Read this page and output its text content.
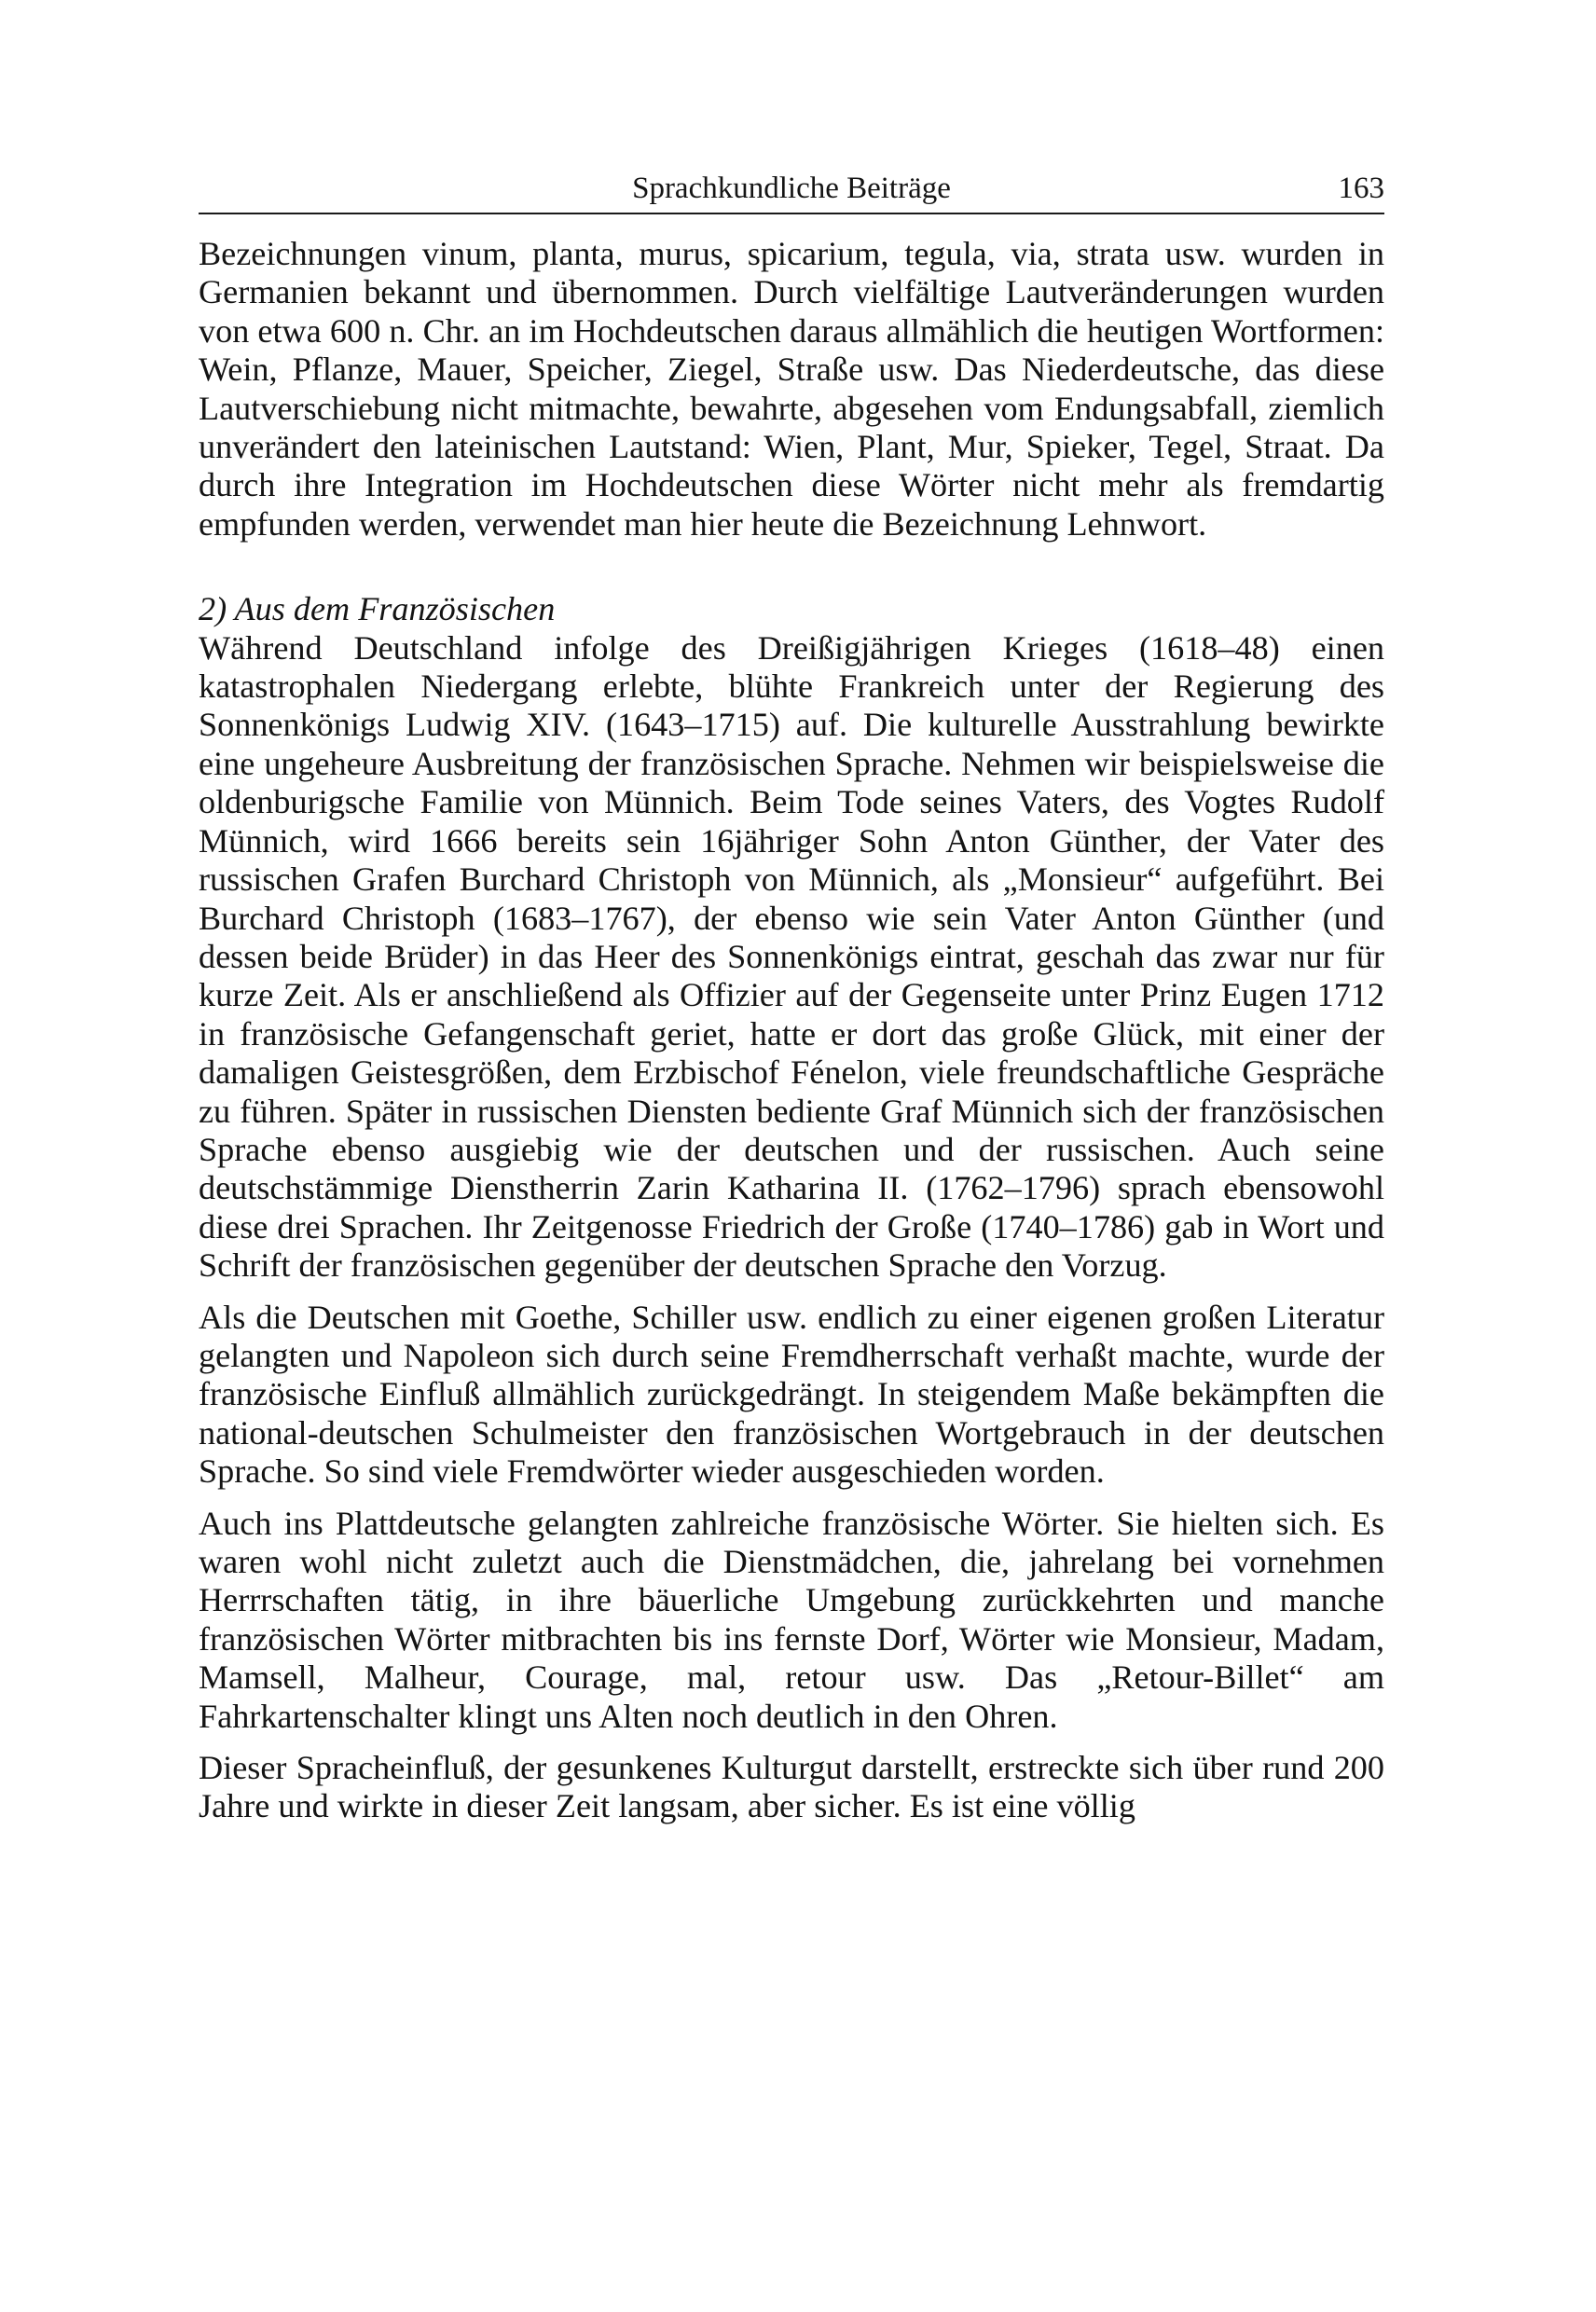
Sprachkundliche Beiträge	163

Bezeichnungen vinum, planta, murus, spicarium, tegula, via, strata usw. wurden in Germanien bekannt und übernommen. Durch vielfältige Lautveränderungen wurden von etwa 600 n. Chr. an im Hochdeutschen daraus allmählich die heutigen Wortformen: Wein, Pflanze, Mauer, Speicher, Ziegel, Straße usw. Das Niederdeutsche, das diese Lautverschiebung nicht mitmachte, bewahrte, abgesehen vom Endungsabfall, ziemlich unverändert den lateinischen Lautstand: Wien, Plant, Mur, Spieker, Tegel, Straat. Da durch ihre Integration im Hochdeutschen diese Wörter nicht mehr als fremdartig empfunden werden, verwendet man hier heute die Bezeichnung Lehnwort.

2) Aus dem Französischen

Während Deutschland infolge des Dreißigjährigen Krieges (1618–48) einen katastrophalen Niedergang erlebte, blühte Frankreich unter der Regierung des Sonnenkönigs Ludwig XIV. (1643–1715) auf. Die kulturelle Ausstrahlung bewirkte eine ungeheure Ausbreitung der französischen Sprache. Nehmen wir beispielsweise die oldenburigsche Familie von Münnich. Beim Tode seines Vaters, des Vogtes Rudolf Münnich, wird 1666 bereits sein 16jähriger Sohn Anton Günther, der Vater des russischen Grafen Burchard Christoph von Münnich, als „Monsieur“ aufgeführt. Bei Burchard Christoph (1683–1767), der ebenso wie sein Vater Anton Günther (und dessen beide Brüder) in das Heer des Sonnenkönigs eintrat, geschah das zwar nur für kurze Zeit. Als er anschließend als Offizier auf der Gegenseite unter Prinz Eugen 1712 in französische Gefangenschaft geriet, hatte er dort das große Glück, mit einer der damaligen Geistesgrößen, dem Erzbischof Fénelon, viele freundschaftliche Gespräche zu führen. Später in russischen Diensten bediente Graf Münnich sich der französischen Sprache ebenso ausgiebig wie der deutschen und der russischen. Auch seine deutschstämmige Dienstherrin Zarin Katharina II. (1762–1796) sprach ebensowohl diese drei Sprachen. Ihr Zeitgenosse Friedrich der Große (1740–1786) gab in Wort und Schrift der französischen gegenüber der deutschen Sprache den Vorzug.

Als die Deutschen mit Goethe, Schiller usw. endlich zu einer eigenen großen Literatur gelangten und Napoleon sich durch seine Fremdherrschaft verhaßt machte, wurde der französische Einfluß allmählich zurückgedrängt. In steigendem Maße bekämpften die national-deutschen Schulmeister den französischen Wortgebrauch in der deutschen Sprache. So sind viele Fremdwörter wieder ausgeschieden worden.

Auch ins Plattdeutsche gelangten zahlreiche französische Wörter. Sie hielten sich. Es waren wohl nicht zuletzt auch die Dienstmädchen, die, jahrelang bei vornehmen Herrrschaften tätig, in ihre bäuerliche Umgebung zurückkehrten und manche französischen Wörter mitbrachten bis ins fernste Dorf, Wörter wie Monsieur, Madam, Mamsell, Malheur, Courage, mal, retour usw. Das „Retour-Billet“ am Fahrkartenschalter klingt uns Alten noch deutlich in den Ohren.

Dieser Spracheinfluß, der gesunkenes Kulturgut darstellt, erstreckte sich über rund 200 Jahre und wirkte in dieser Zeit langsam, aber sicher. Es ist eine völlig
